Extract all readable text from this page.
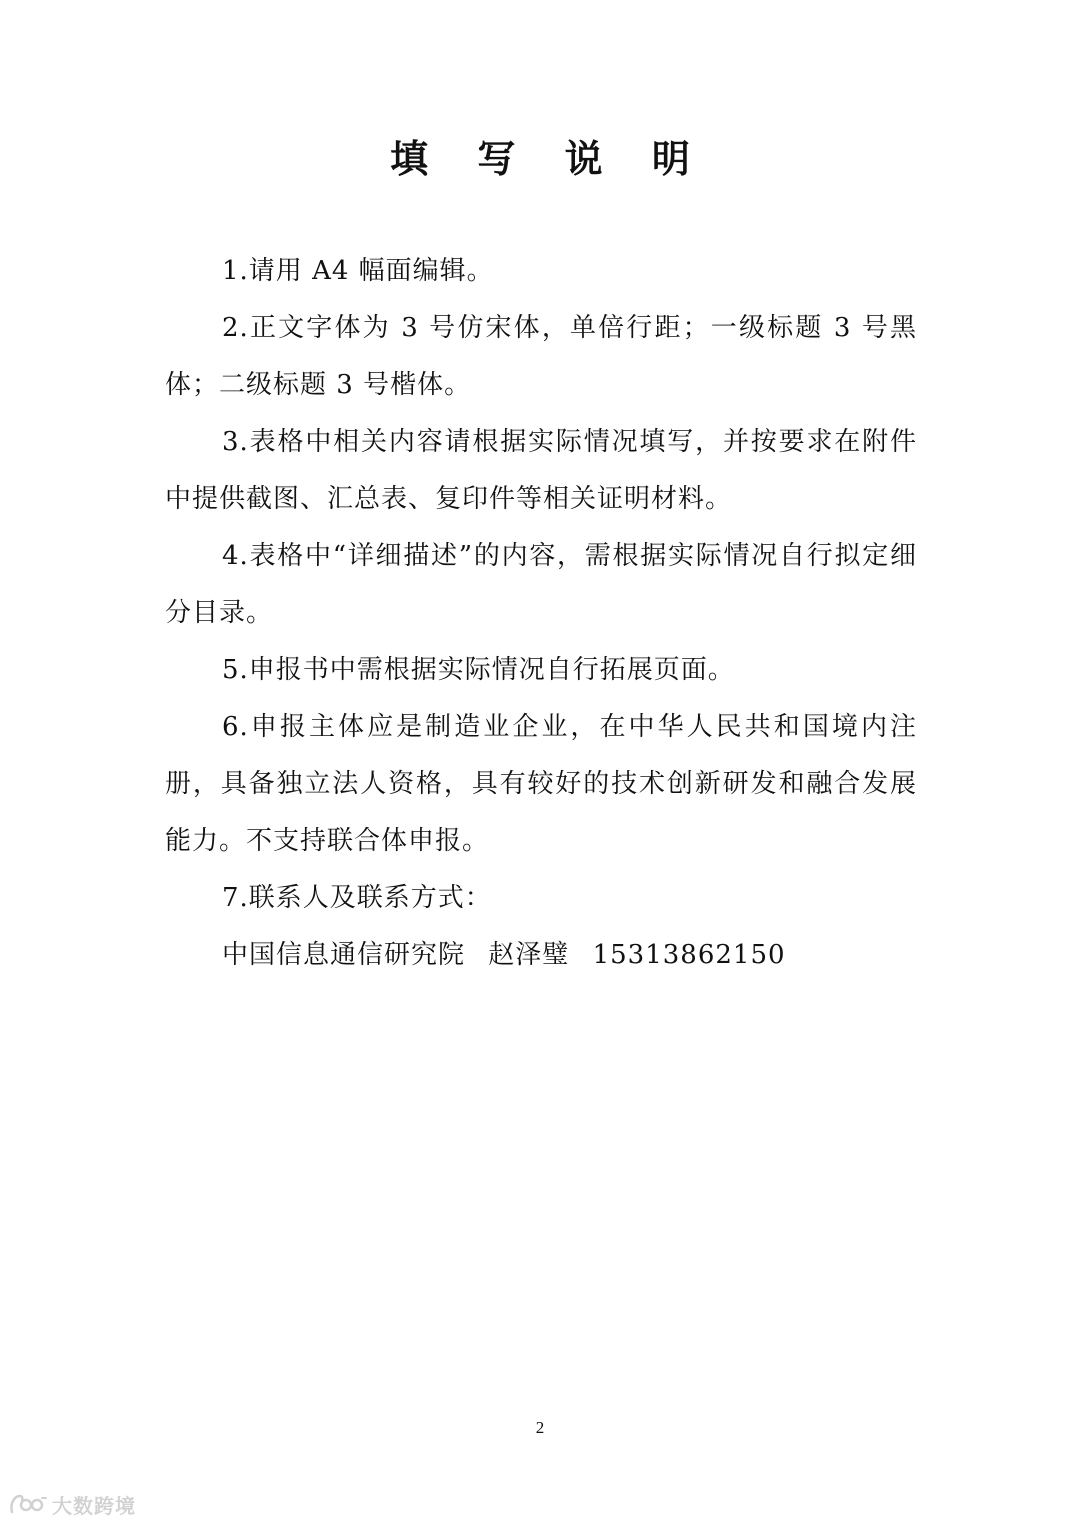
填 写 说 明

1.请用 A4 幅面编辑。

2.正文字体为 3 号仿宋体，单倍行距；一级标题 3 号黑体；二级标题 3 号楷体。

3.表格中相关内容请根据实际情况填写，并按要求在附件中提供截图、汇总表、复印件等相关证明材料。

4.表格中“详细描述”的内容，需根据实际情况自行拟定细分目录。

5.申报书中需根据实际情况自行拓展页面。

6.申报主体应是制造业企业，在中华人民共和国境内注册，具备独立法人资格，具有较好的技术创新研发和融合发展能力。不支持联合体申报。

7.联系人及联系方式：

中国信息通信研究院 赵泽璧 15313862150

2
大数跨境
